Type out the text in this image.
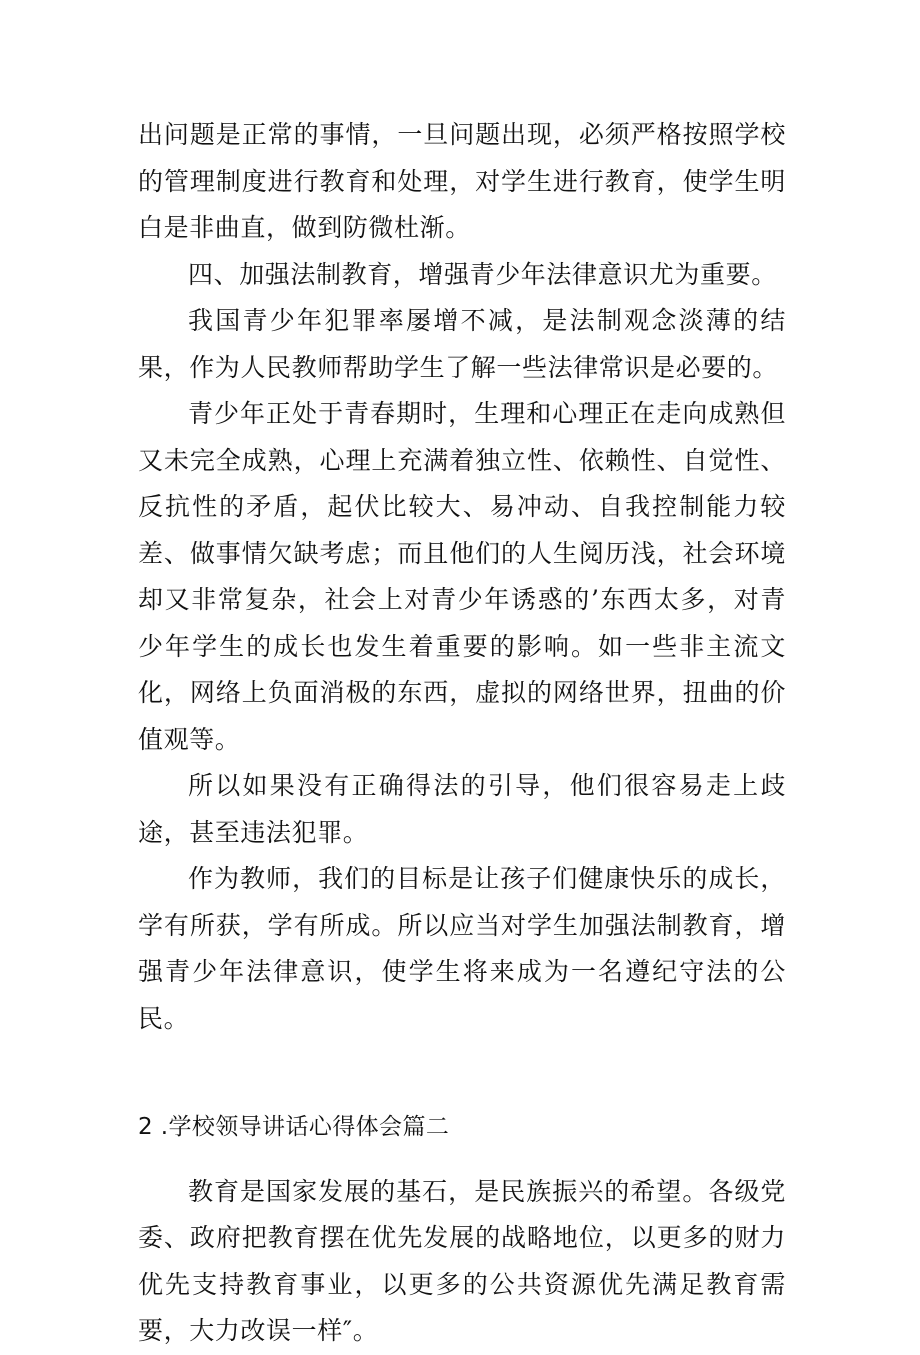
出问题是正常的事情，一旦问题出现，必须严格按照学校的管理制度进行教育和处理，对学生进行教育，使学生明白是非曲直，做到防微杜渐。

四、加强法制教育，增强青少年法律意识尤为重要。

我国青少年犯罪率屡增不减，是法制观念淡薄的结果，作为人民教师帮助学生了解一些法律常识是必要的。

青少年正处于青春期时，生理和心理正在走向成熟但又未完全成熟，心理上充满着独立性、依赖性、自觉性、反抗性的矛盾，起伏比较大、易冲动、自我控制能力较差、做事情欠缺考虑；而且他们的人生阅历浅，社会环境却又非常复杂，社会上对青少年诱惑的’东西太多，对青少年学生的成长也发生着重要的影响。如一些非主流文化，网络上负面消极的东西，虚拟的网络世界，扭曲的价值观等。

所以如果没有正确得法的引导，他们很容易走上歧途，甚至违法犯罪。

作为教师，我们的目标是让孩子们健康快乐的成长，学有所获，学有所成。所以应当对学生加强法制教育，增强青少年法律意识，使学生将来成为一名遵纪守法的公民。

2 .学校领导讲话心得体会篇二

教育是国家发展的基石，是民族振兴的希望。各级党委、政府把教育摆在优先发展的战略地位，以更多的财力优先支持教育事业，以更多的公共资源优先满足教育需要，大力改误一样″。
